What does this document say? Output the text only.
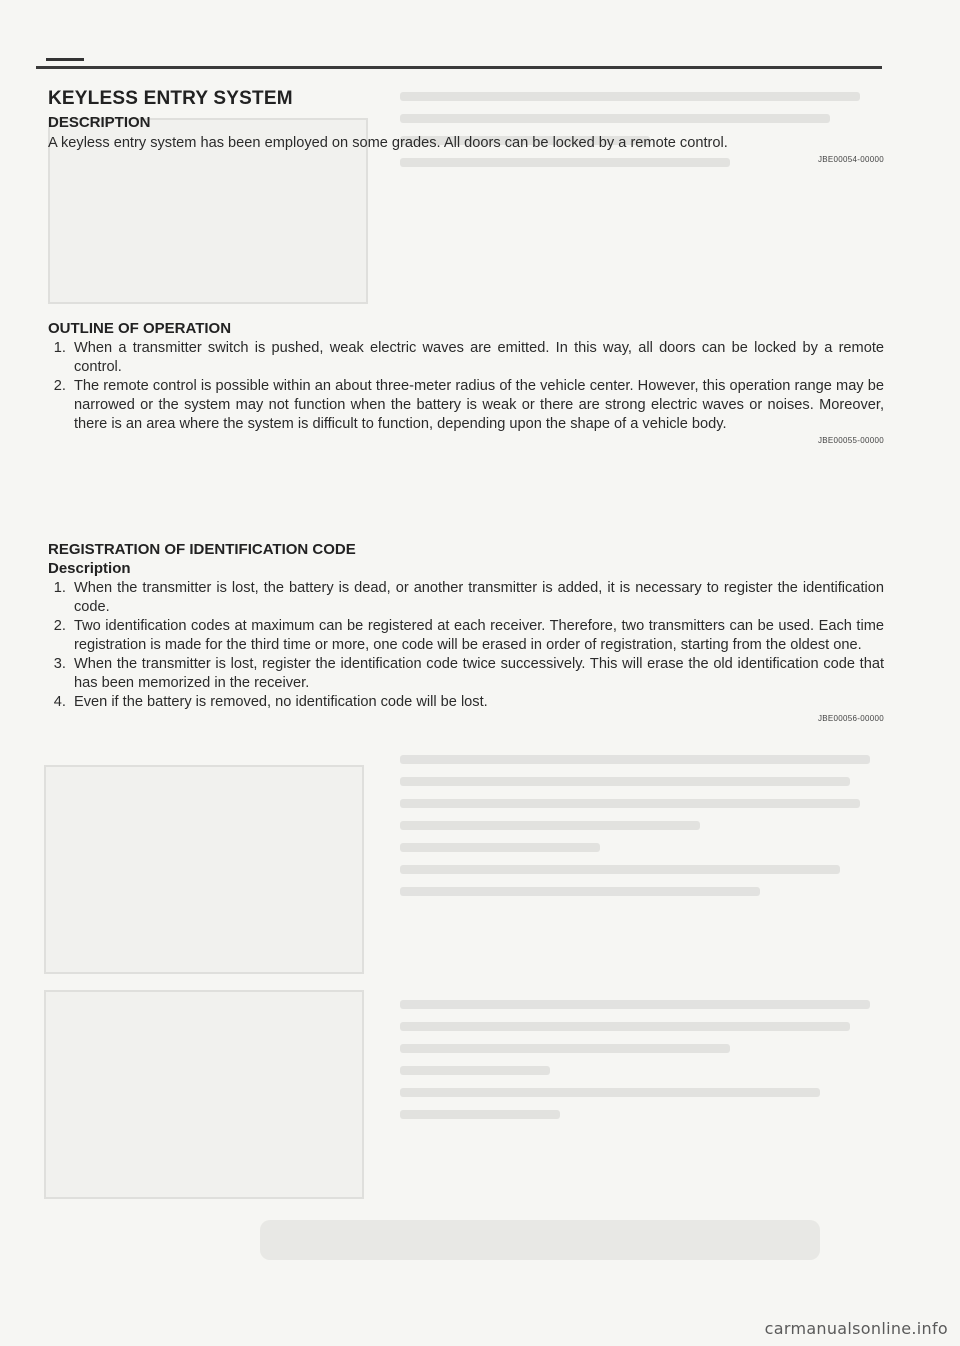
KEYLESS ENTRY SYSTEM
DESCRIPTION

A keyless entry system has been employed on some grades. All doors can be locked by a remote control.

JBE00054-00000
OUTLINE OF OPERATION
1. When a transmitter switch is pushed, weak electric waves are emitted. In this way, all doors can be locked by a remote control.
2. The remote control is possible within an about three-meter radius of the vehicle center. However, this operation range may be narrowed or the system may not function when the battery is weak or there are strong electric waves or noises. Moreover, there is an area where the system is difficult to function, depending upon the shape of a vehicle body.
JBE00055-00000
REGISTRATION OF IDENTIFICATION CODE
Description
1. When the transmitter is lost, the battery is dead, or another transmitter is added, it is necessary to register the identification code.
2. Two identification codes at maximum can be registered at each receiver. Therefore, two transmitters can be used. Each time registration is made for the third time or more, one code will be erased in order of registration, starting from the oldest one.
3. When the transmitter is lost, register the identification code twice successively. This will erase the old identification code that has been memorized in the receiver.
4. Even if the battery is removed, no identification code will be lost.
JBE00056-00000
carmanualsonline.info
